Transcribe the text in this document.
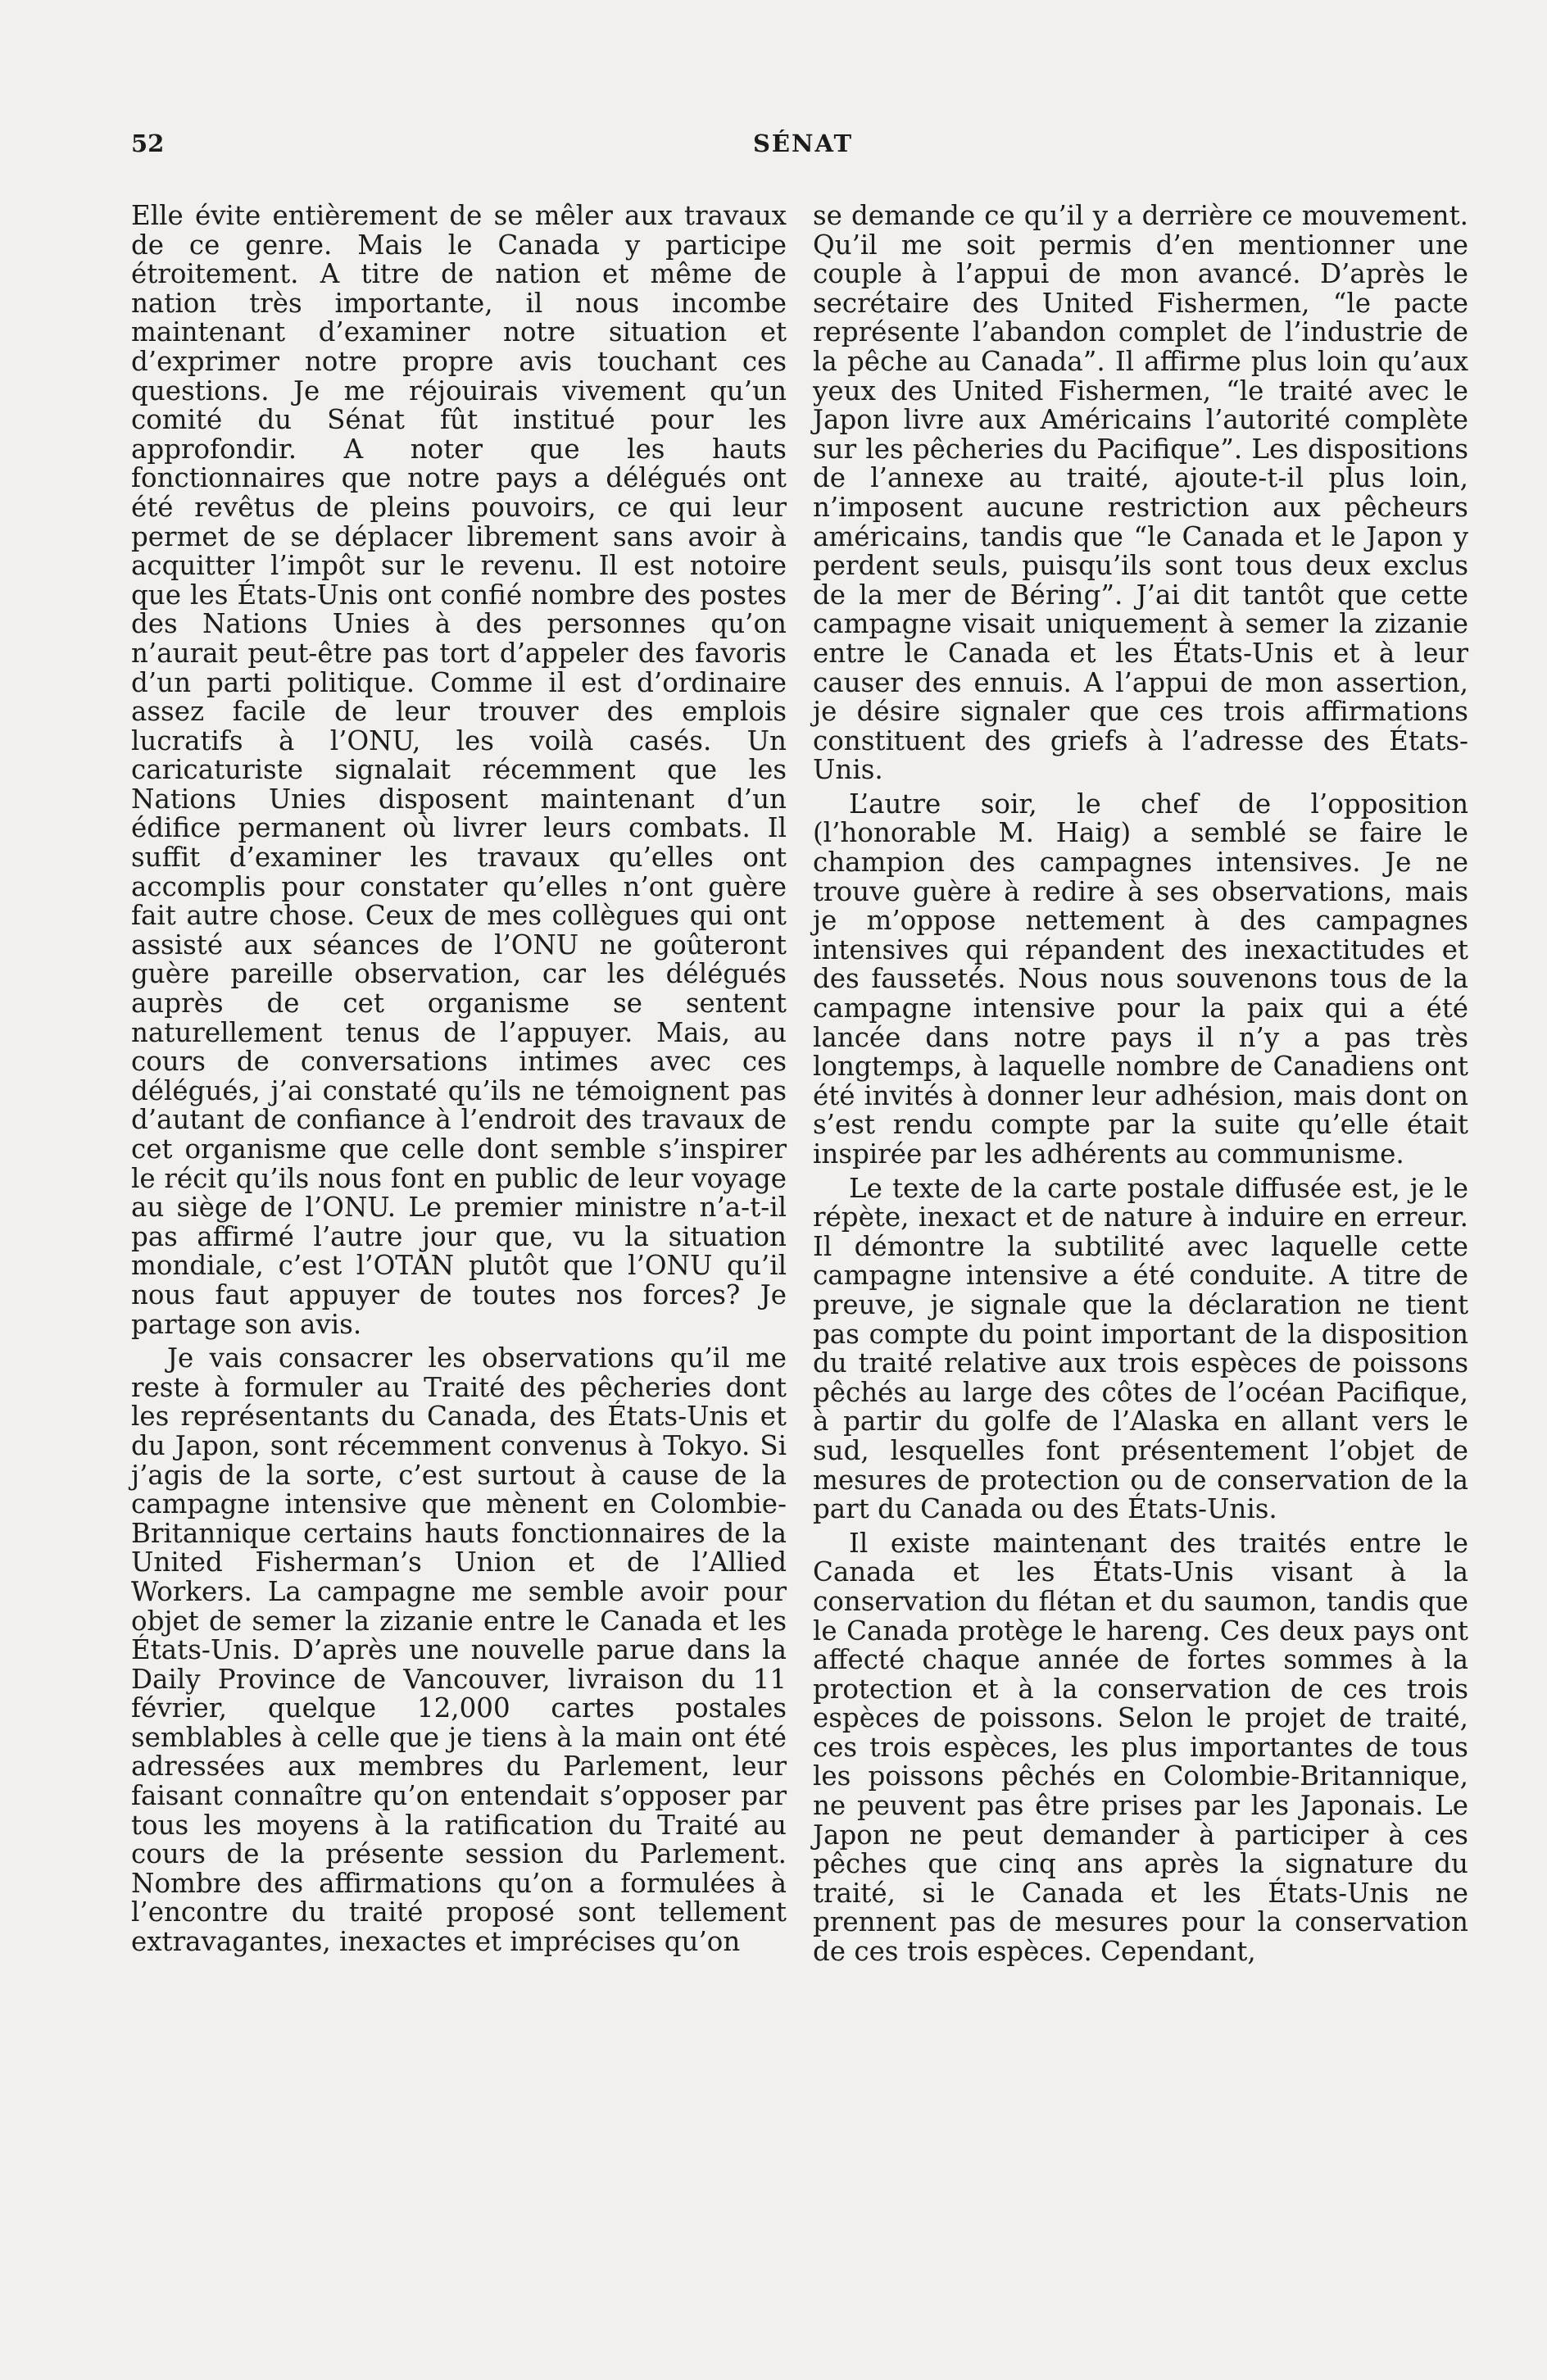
52	SÉNAT

Elle évite entièrement de se mêler aux travaux de ce genre. Mais le Canada y participe étroitement. A titre de nation et même de nation très importante, il nous incombe maintenant d’examiner notre situation et d’exprimer notre propre avis touchant ces questions. Je me réjouirais vivement qu’un comité du Sénat fût institué pour les approfondir. A noter que les hauts fonctionnaires que notre pays a délégués ont été revêtus de pleins pouvoirs, ce qui leur permet de se déplacer librement sans avoir à acquitter l’impôt sur le revenu. Il est notoire que les États-Unis ont confié nombre des postes des Nations Unies à des personnes qu’on n’aurait peut-être pas tort d’appeler des favoris d’un parti politique. Comme il est d’ordinaire assez facile de leur trouver des emplois lucratifs à l’ONU, les voilà casés. Un caricaturiste signalait récemment que les Nations Unies disposent maintenant d’un édifice permanent où livrer leurs combats. Il suffit d’examiner les travaux qu’elles ont accomplis pour constater qu’elles n’ont guère fait autre chose. Ceux de mes collègues qui ont assisté aux séances de l’ONU ne goûteront guère pareille observation, car les délégués auprès de cet organisme se sentent naturellement tenus de l’appuyer. Mais, au cours de conversations intimes avec ces délégués, j’ai constaté qu’ils ne témoignent pas d’autant de confiance à l’endroit des travaux de cet organisme que celle dont semble s’inspirer le récit qu’ils nous font en public de leur voyage au siège de l’ONU. Le premier ministre n’a-t-il pas affirmé l’autre jour que, vu la situation mondiale, c’est l’OTAN plutôt que l’ONU qu’il nous faut appuyer de toutes nos forces? Je partage son avis.

Je vais consacrer les observations qu’il me reste à formuler au Traité des pêcheries dont les représentants du Canada, des États-Unis et du Japon, sont récemment convenus à Tokyo. Si j’agis de la sorte, c’est surtout à cause de la campagne intensive que mènent en Colombie-Britannique certains hauts fonctionnaires de la United Fisherman’s Union et de l’Allied Workers. La campagne me semble avoir pour objet de semer la zizanie entre le Canada et les États-Unis. D’après une nouvelle parue dans la Daily Province de Vancouver, livraison du 11 février, quelque 12,000 cartes postales semblables à celle que je tiens à la main ont été adressées aux membres du Parlement, leur faisant connaître qu’on entendait s’opposer par tous les moyens à la ratification du Traité au cours de la présente session du Parlement. Nombre des affirmations qu’on a formulées à l’encontre du traité proposé sont tellement extravagantes, inexactes et imprécises qu’on

se demande ce qu’il y a derrière ce mouvement. Qu’il me soit permis d’en mentionner une couple à l’appui de mon avancé. D’après le secrétaire des United Fishermen, “le pacte représente l’abandon complet de l’industrie de la pêche au Canada”. Il affirme plus loin qu’aux yeux des United Fishermen, “le traité avec le Japon livre aux Américains l’autorité complète sur les pêcheries du Pacifique”. Les dispositions de l’annexe au traité, ajoute-t-il plus loin, n’imposent aucune restriction aux pêcheurs américains, tandis que “le Canada et le Japon y perdent seuls, puisqu’ils sont tous deux exclus de la mer de Béring”. J’ai dit tantôt que cette campagne visait uniquement à semer la zizanie entre le Canada et les États-Unis et à leur causer des ennuis. A l’appui de mon assertion, je désire signaler que ces trois affirmations constituent des griefs à l’adresse des États-Unis.

L’autre soir, le chef de l’opposition (l’honorable M. Haig) a semblé se faire le champion des campagnes intensives. Je ne trouve guère à redire à ses observations, mais je m’oppose nettement à des campagnes intensives qui répandent des inexactitudes et des faussetés. Nous nous souvenons tous de la campagne intensive pour la paix qui a été lancée dans notre pays il n’y a pas très longtemps, à laquelle nombre de Canadiens ont été invités à donner leur adhésion, mais dont on s’est rendu compte par la suite qu’elle était inspirée par les adhérents au communisme.

Le texte de la carte postale diffusée est, je le répète, inexact et de nature à induire en erreur. Il démontre la subtilité avec laquelle cette campagne intensive a été conduite. A titre de preuve, je signale que la déclaration ne tient pas compte du point important de la disposition du traité relative aux trois espèces de poissons pêchés au large des côtes de l’océan Pacifique, à partir du golfe de l’Alaska en allant vers le sud, lesquelles font présentement l’objet de mesures de protection ou de conservation de la part du Canada ou des États-Unis.

Il existe maintenant des traités entre le Canada et les États-Unis visant à la conservation du flétan et du saumon, tandis que le Canada protège le hareng. Ces deux pays ont affecté chaque année de fortes sommes à la protection et à la conservation de ces trois espèces de poissons. Selon le projet de traité, ces trois espèces, les plus importantes de tous les poissons pêchés en Colombie-Britannique, ne peuvent pas être prises par les Japonais. Le Japon ne peut demander à participer à ces pêches que cinq ans après la signature du traité, si le Canada et les États-Unis ne prennent pas de mesures pour la conservation de ces trois espèces. Cependant,
